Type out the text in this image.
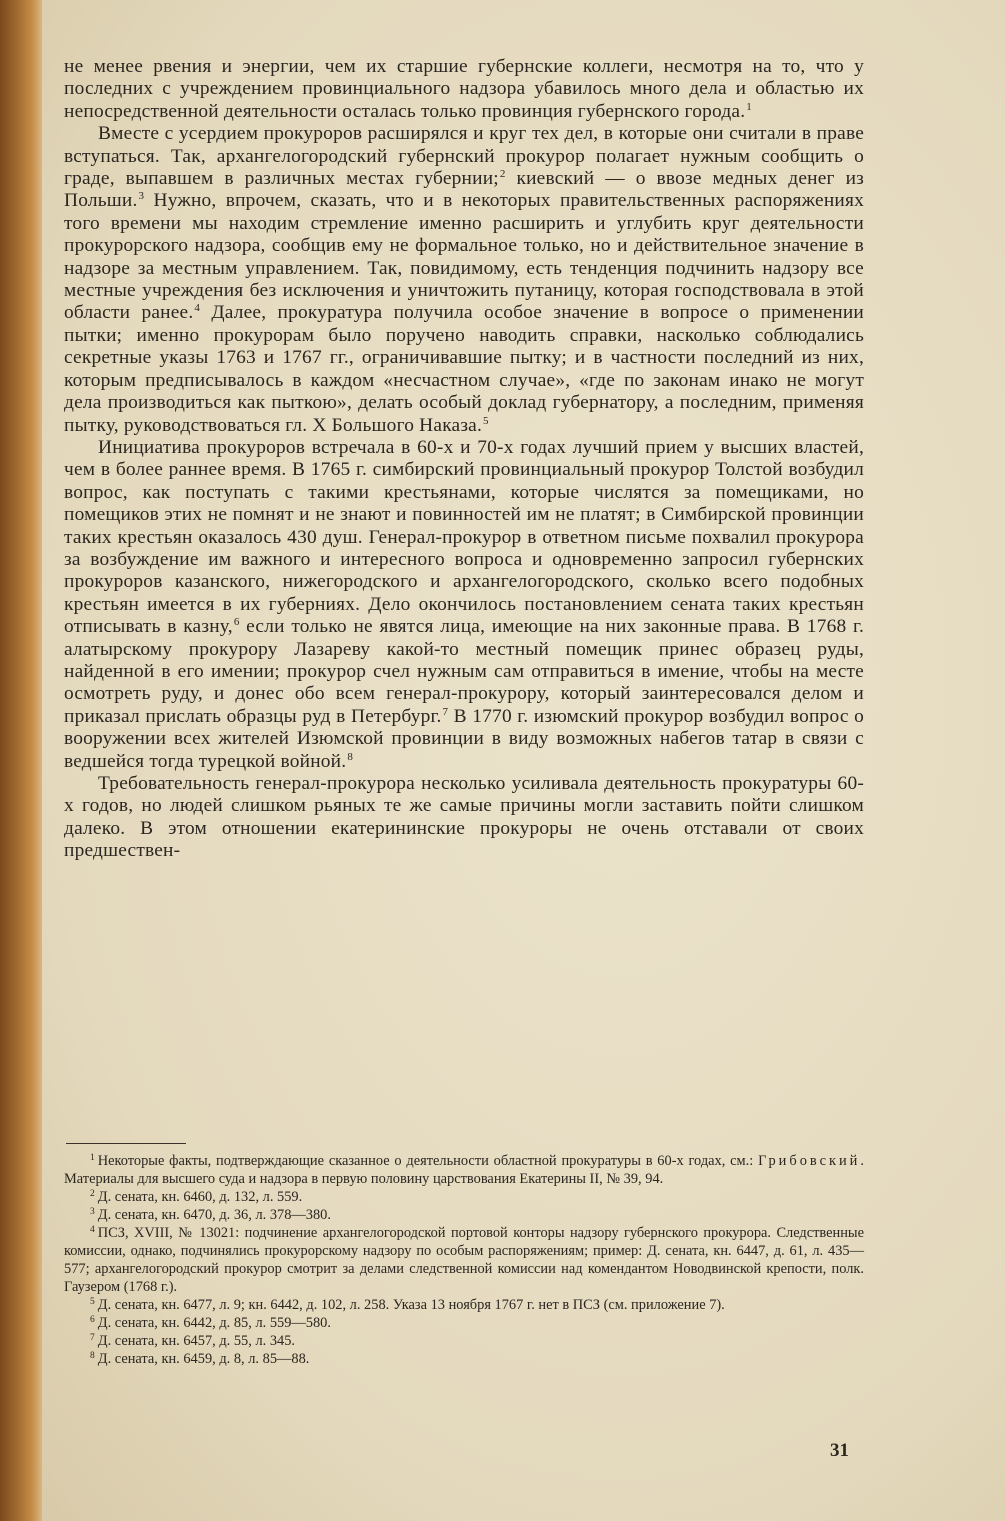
не менее рвения и энергии, чем их старшие губернские коллеги, несмотря на то, что у последних с учреждением провинциального надзора убавилось много дела и областью их непосредственной деятельности осталась только провинция губернского города.$^1$

Вместе с усердием прокуроров расширялся и круг тех дел, в которые они считали в праве вступаться. Так, архангелогородский губернский прокурор полагает нужным сообщить о граде, выпавшем в различных местах губернии;$^2$ киевский — о ввозе медных денег из Польши.$^3$ Нужно, впрочем, сказать, что и в некоторых правительственных распоряжениях того времени мы находим стремление именно расширить и углубить круг деятельности прокурорского надзора, сообщив ему не формальное только, но и действительное значение в надзоре за местным управлением. Так, повидимому, есть тенденция подчинить надзору все местные учреждения без исключения и уничтожить путаницу, которая господствовала в этой области ранее.$^4$ Далее, прокуратура получила особое значение в вопросе о применении пытки; именно прокурорам было поручено наводить справки, насколько соблюдались секретные указы 1763 и 1767 гг., ограничивавшие пытку; и в частности последний из них, которым предписывалось в каждом «несчастном случае», «где по законам инако не могут дела производиться как пыткою», делать особый доклад губернатору, а последним, применяя пытку, руководствоваться гл. X Большого Наказа.$^5$

Инициатива прокуроров встречала в 60-х и 70-х годах лучший прием у высших властей, чем в более раннее время. В 1765 г. симбирский провинциальный прокурор Толстой возбудил вопрос, как поступать с такими крестьянами, которые числятся за помещиками, но помещиков этих не помнят и не знают и повинностей им не платят; в Симбирской провинции таких крестьян оказалось 430 душ. Генерал-прокурор в ответном письме похвалил прокурора за возбуждение им важного и интересного вопроса и одновременно запросил губернских прокуроров казанского, нижегородского и архангелогородского, сколько всего подобных крестьян имеется в их губерниях. Дело окончилось постановлением сената таких крестьян отписывать в казну,$^6$ если только не явятся лица, имеющие на них законные права. В 1768 г. алатырскому прокурору Лазареву какой-то местный помещик принес образец руды, найденной в его имении; прокурор счел нужным сам отправиться в имение, чтобы на месте осмотреть руду, и донес обо всем генерал-прокурору, который заинтересовался делом и приказал прислать образцы руд в Петербург.$^7$ В 1770 г. изюмский прокурор возбудил вопрос о вооружении всех жителей Изюмской провинции в виду возможных набегов татар в связи с ведшейся тогда турецкой войной.$^8$

Требовательность генерал-прокурора несколько усиливала деятельность прокуратуры 60-х годов, но людей слишком рьяных те же самые причины могли заставить пойти слишком далеко. В этом отношении екатерининские прокуроры не очень отставали от своих предшествен-

$^1$ Некоторые факты, подтверждающие сказанное о деятельности областной прокуратуры в 60-х годах, см.: Грибовский. Материалы для высшего суда и надзора в первую половину царствования Екатерины II, № 39, 94.

$^2$ Д. сената, кн. 6460, д. 132, л. 559.

$^3$ Д. сената, кн. 6470, д. 36, л. 378—380.

$^4$ ПСЗ, XVIII, № 13021: подчинение архангелогородской портовой конторы надзору губернского прокурора. Следственные комиссии, однако, подчинялись прокурорскому надзору по особым распоряжениям; пример: Д. сената, кн. 6447, д. 61, л. 435—577; архангелогородский прокурор смотрит за делами следственной комиссии над комендантом Новодвинской крепости, полк. Гаузером (1768 г.).

$^5$ Д. сената, кн. 6477, л. 9; кн. 6442, д. 102, л. 258. Указа 13 ноября 1767 г. нет в ПСЗ (см. приложение 7).

$^6$ Д. сената, кн. 6442, д. 85, л. 559—580.

$^7$ Д. сената, кн. 6457, д. 55, л. 345.

$^8$ Д. сената, кн. 6459, д. 8, л. 85—88.

31
